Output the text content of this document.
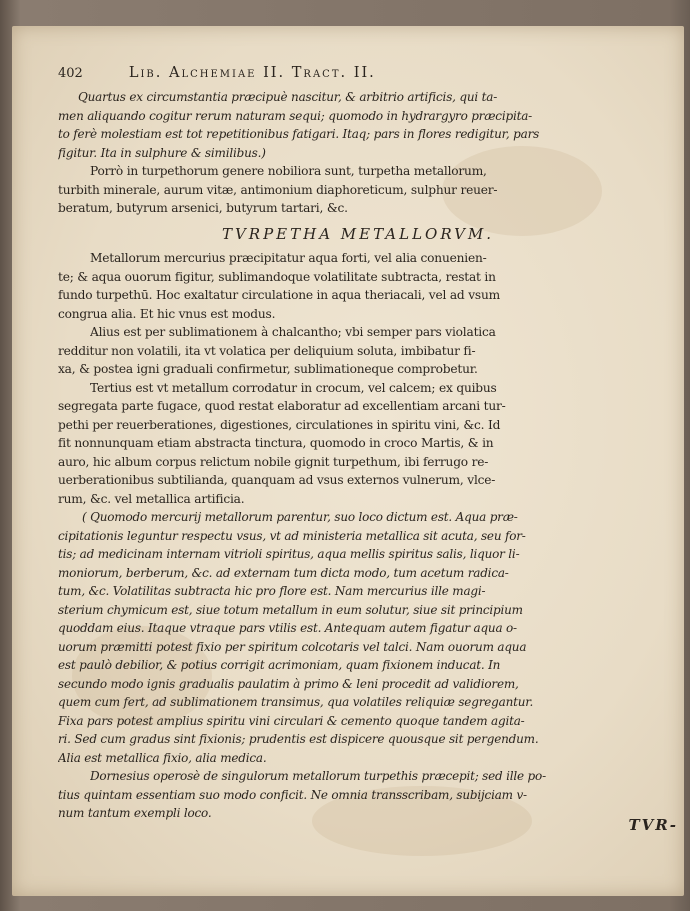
402	Lib. Alchemiae II. Tract. II.
Quartus ex circumstantia præcipuè nascitur, & arbitrio artificis, qui ta-
men aliquando cogitur rerum naturam sequi; quomodo in hydrargyro præcipita-
to ferè molestiam est tot repetitionibus fatigari. Itaq; pars in flores redigitur, pars
figitur. Ita in sulphure & similibus.)
Porrò in turpethorum genere nobiliora sunt, turpetha metallorum,
turbith minerale, aurum vitæ, antimonium diaphoreticum, sulphur reuer-
beratum, butyrum arsenici, butyrum tartari, &c.
TVRPETHA METALLORVM.
Metallorum mercurius præcipitatur aqua forti, vel alia conuenien-
te; & aqua ouorum figitur, sublimandoque volatilitate subtracta, restat in
fundo turpethū. Hoc exaltatur circulatione in aqua theriacali, vel ad vsum
congrua alia. Et hic vnus est modus.
Alius est per sublimationem à chalcantho; vbi semper pars violatica
redditur non volatili, ita vt volatica per deliquium soluta, imbibatur fi-
xa, & postea igni graduali confirmetur, sublimationeque comprobetur.
Tertius est vt metallum corrodatur in crocum, vel calcem; ex quibus
segregata parte fugace, quod restat elaboratur ad excellentiam arcani tur-
pethi per reuerberationes, digestiones, circulationes in spiritu vini, &c. Id
fit nonnunquam etiam abstracta tinctura, quomodo in croco Martis, & in
auro, hic album corpus relictum nobile gignit turpethum, ibi ferrugo re-
uerberationibus subtilianda, quanquam ad vsus externos vulnerum, vlce-
rum, &c. vel metallica artificia.
( Quomodo mercurij metallorum parentur, suo loco dictum est. Aqua præ-
cipitationis leguntur respectu vsus, vt ad ministeria metallica sit acuta, seu for-
tis; ad medicinam internam vitrioli spiritus, aqua mellis spiritus salis, liquor li-
moniorum, berberum, &c. ad externam tum dicta modo, tum acetum radica-
tum, &c. Volatilitas subtracta hic pro flore est. Nam mercurius ille magi-
sterium chymicum est, siue totum metallum in eum solutur, siue sit principium
quoddam eius. Itaque vtraque pars vtilis est. Antequam autem figatur aqua o-
uorum præmitti potest fixio per spiritum colcotaris vel talci. Nam ouorum aqua
est paulò debilior, & potius corrigit acrimoniam, quam fixionem inducat. In
secundo modo ignis gradualis paulatim à primo & leni procedit ad validiorem,
quem cum fert, ad sublimationem transimus, qua volatiles reliquiæ segregantur.
Fixa pars potest amplius spiritu vini circulari & cemento quoque tandem agita-
ri. Sed cum gradus sint fixionis; prudentis est dispicere quousque sit pergendum.
Alia est metallica fixio, alia medica.
Dornesius operosè de singulorum metallorum turpethis præcepit; sed ille po-
tius quintam essentiam suo modo conficit. Ne omnia transscribam, subijciam v-
num tantum exempli loco.
TVR-
